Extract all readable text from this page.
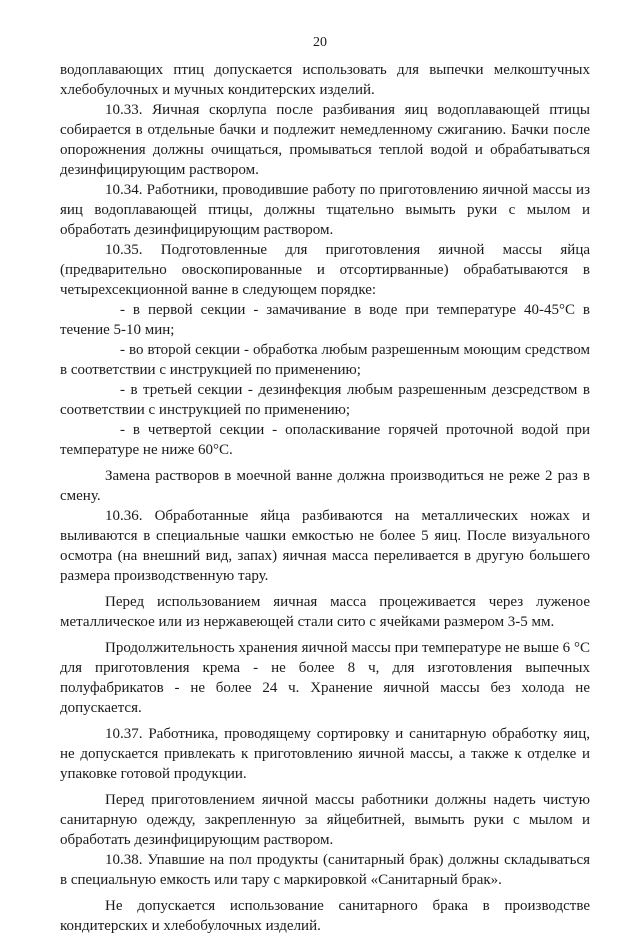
20

водоплавающих птиц допускается использовать для выпечки мелкоштучных хлебобулочных и мучных кондитерских изделий.

10.33. Яичная скорлупа после разбивания яиц водоплавающей птицы собирается в отдельные бачки и подлежит немедленному сжиганию. Бачки после опорожнения должны очищаться, промываться теплой водой и обрабатываться дезинфицирующим раствором.

10.34. Работники, проводившие работу по приготовлению яичной массы из яиц водоплавающей птицы, должны тщательно вымыть руки с мылом и обработать дезинфицирующим раствором.

10.35. Подготовленные для приготовления яичной массы яйца (предварительно овоскопированные и отсортирванные) обрабатываются в четырехсекционной ванне в следующем порядке:

- в первой секции - замачивание в воде при температуре 40-45°С в течение 5-10 мин;

- во второй секции - обработка любым разрешенным моющим средством в соответствии с инструкцией по применению;

- в третьей секции - дезинфекция любым разрешенным дезсредством в соответствии с инструкцией по применению;

- в четвертой секции - ополаскивание горячей проточной водой при температуре не ниже 60°С.

Замена растворов в моечной ванне должна производиться не реже 2 раз в смену.

10.36. Обработанные яйца разбиваются на металлических ножах и выливаются в специальные чашки емкостью не более 5 яиц. После визуального осмотра (на внешний вид, запах) яичная масса переливается в другую большего размера производственную тару.

Перед использованием яичная масса процеживается через луженое металлическое или из нержавеющей стали сито с ячейками размером 3-5 мм.

Продолжительность хранения яичной массы при температуре не выше 6 °С для приготовления крема - не более 8 ч, для изготовления выпечных полуфабрикатов - не более 24 ч. Хранение яичной массы без холода не допускается.

10.37. Работника, проводящему сортировку и санитарную обработку яиц, не допускается привлекать к приготовлению яичной массы, а также к отделке и упаковке готовой продукции.

Перед приготовлением яичной массы работники должны надеть чистую санитарную одежду, закрепленную за яйцебитней, вымыть руки с мылом и обработать дезинфицирующим раствором.

10.38. Упавшие на пол продукты (санитарный брак) должны складываться в специальную емкость или тару с маркировкой «Санитарный брак».

Не допускается использование санитарного брака в производстве кондитерских и хлебобулочных изделий.
